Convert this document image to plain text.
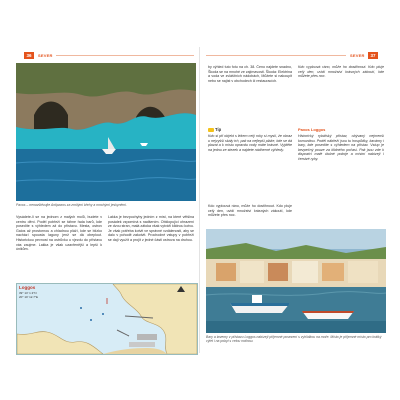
36	SEVER

Paxos – nenavštěvujte Antipaxos za zrnitými břehy a mnohými jeskyněmi.

Vysádete-li se na jednom z malých molů, budete v centru dění. Podél pobřeží se táhne řada barů, kde posedíte s výhledem až do přístavu. Mesta, ostrov Gaios až prostornou a chladnou pláží, kde se blízko nachází spousta laguny jenž se dá obeplout. Historickou pevnost na ostrůvku u vjezdu do přístavu vás zaujme. Lakka je však uzavřenější a lepší k únikům.

Lakka je bezpochyby jedním z míst, na které většina posádek vzpomíná s nadšením. Obklopující ohrazení ze dvou stran, malá zátoka však vytváří klidnou kotvu. Je však potřeba kotvit ve správné vzdálenosti, aby se dalo v pohodě zakotvit. Prochodné vstupy v pobřeží se dají využít a projít z jedné části ostrova na druhou.

Loggos
39° 13' 1.3"N
20° 10' 12.7"E
SEVER	37

by výhled tuto fotu na ch. 38. Čeno najdete snadno, Škoda se na mnohé ze zajímavosti. Škoda: Elektrina a voda ve zvlášťních nádobách, Můžete si nakoupit nebo se najíst v obchodech či restauracích.

Tip

Kdo si při objekt s lékem celý roky si myslí, že obraz u nejvyšší skály trh, pak na nejlepší pláže, kde se dá plavat a k místu opravdu vody máte krásné. Vyjděte na jednu ze stezek a najdete nádherné výhledy.

Kdo vyplouvá ráno, může ho dostihnout. Kdo pluje celý den, uvidí množství krásných zákoutí, kde můžete přes noc.

Kdo vyplouvá ráno, může ho dostihnout. Kdo pluje celý den, uvidí množství krásných zákoutí, kde můžete přes noc.

Paxos Loggos

Historický rybářský přístav, obývaný nejmenší komunitou. Podél nábřeží jsou tu hospůdky, kavárny i bary, kde posedíte s výhledem na přístav. Vstup je bezpečný pouze za klidného počasí. Pak jsou zde k dispozici malé útulné pokoje a místní nabízejí i čerstvé ryby.

Bary a taverny v přístavu Loggos nabízejí příjemné posezení s vyhlídkou na moře. Místo je příjemné místo pro krátký výlet i na pobyt s celou rodinou.
